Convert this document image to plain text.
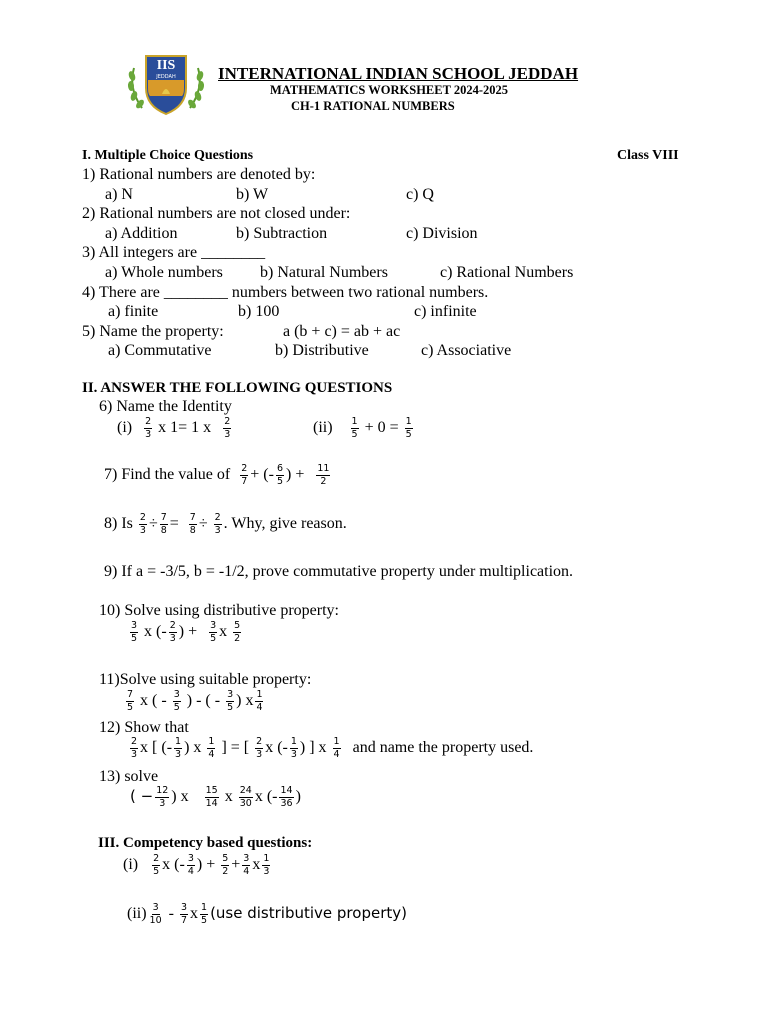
IIS
JEDDAH INTERNATIONAL INDIAN SCHOOL JEDDAH
MATHEMATICS WORKSHEET 2024-2025
CH-1 RATIONAL NUMBERS
I. Multiple Choice Questions	Class VIII
1) Rational numbers are denoted by:
a) N	b) W	c) Q
2) Rational numbers are not closed under:
a) Addition	b) Subtraction	c) Division
3) All integers are ________
a) Whole numbers b) Natural Numbers	c) Rational Numbers
4) There are ________ numbers between two rational numbers.
a) finite	b) 100	c) infinite
5) Name the property:	a (b + c) = ab + ac
a) Commutative	b) Distributive	c) Associative
II. ANSWER THE FOLLOWING QUESTIONS
6) Name the Identity
$(i) \frac{2}{3}$ x 1= 1 x $\frac{2}{3}$	$(ii) \frac{1}{5} + 0 = \frac{1}{5}$
7) Find the value of $\frac{2}{7}$ + (- $\frac{6}{5}$ ) + $\frac{11}{2}$
8) Is $\frac{2}{3} \div \frac{7}{8} = \frac{7}{8} \div \frac{2}{3}$ . Why, give reason.
9) If a = -3/5, b = -1/2, prove commutative property under multiplication.
10) Solve using distributive property:
$\frac{3}{5}$ x (- $\frac{2}{3}$ ) + $\frac{3}{5}$ x $\frac{5}{2}$
11)Solve using suitable property:
$\frac{7}{5}$ x ( - $\frac{3}{5}$ ) - ( - $\frac{3}{5}$ ) x $\frac{1}{4}$
12) Show that
$\frac{2}{3}$ x [ (- $\frac{1}{3}$ ) x $\frac{1}{4}$ ] = [ $\frac{2}{3}$ x (- $\frac{1}{3}$ ) ] x $\frac{1}{4}$ and name the property used.
13) solve
( − $\frac{12}{3}$ ) x $\frac{15}{14}$ x $\frac{24}{30}$ x (- $\frac{14}{36}$ )
III. Competency based questions:
$(i) \frac{2}{5}$ x (- $\frac{3}{4}$ ) + $\frac{5}{2} + \frac{3}{4}$ x $\frac{1}{3}$
$(ii) \frac{3}{10} - \frac{3}{7}$ x $\frac{1}{5} (use$ distributive property)
